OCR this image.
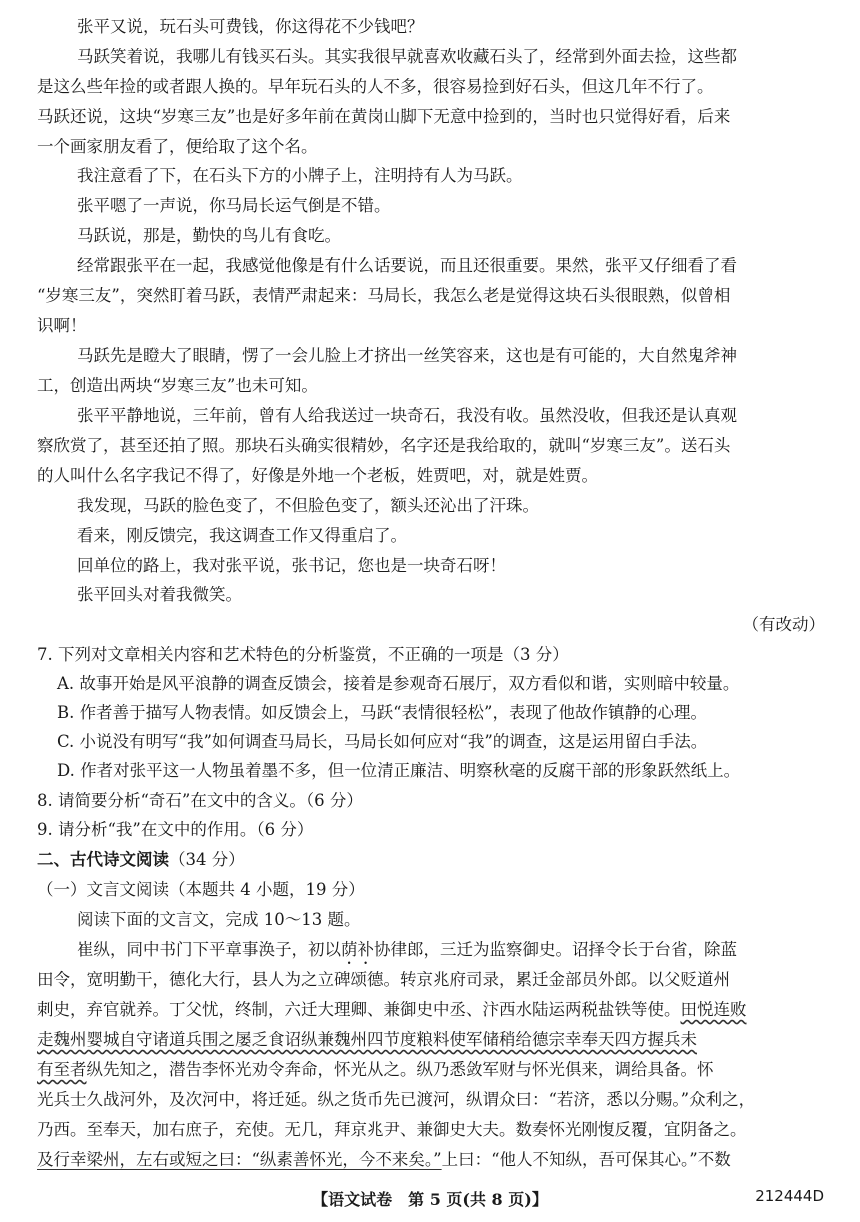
张平又说，玩石头可费钱，你这得花不少钱吧？
马跃笑着说，我哪儿有钱买石头。其实我很早就喜欢收藏石头了，经常到外面去捡，这些都
是这么些年捡的或者跟人换的。早年玩石头的人不多，很容易捡到好石头，但这几年不行了。
马跃还说，这块“岁寒三友”也是好多年前在黄岗山脚下无意中捡到的，当时也只觉得好看，后来
一个画家朋友看了，便给取了这个名。
我注意看了下，在石头下方的小牌子上，注明持有人为马跃。
张平嗯了一声说，你马局长运气倒是不错。
马跃说，那是，勤快的鸟儿有食吃。
经常跟张平在一起，我感觉他像是有什么话要说，而且还很重要。果然，张平又仔细看了看
“岁寒三友”，突然盯着马跃，表情严肃起来：马局长，我怎么老是觉得这块石头很眼熟，似曾相
识啊！
马跃先是瞪大了眼睛，愣了一会儿脸上才挤出一丝笑容来，这也是有可能的，大自然鬼斧神
工，创造出两块“岁寒三友”也未可知。
张平平静地说，三年前，曾有人给我送过一块奇石，我没有收。虽然没收，但我还是认真观
察欣赏了，甚至还拍了照。那块石头确实很精妙，名字还是我给取的，就叫“岁寒三友”。送石头
的人叫什么名字我记不得了，好像是外地一个老板，姓贾吧，对，就是姓贾。
我发现，马跃的脸色变了，不但脸色变了，额头还沁出了汗珠。
看来，刚反馈完，我这调查工作又得重启了。
回单位的路上，我对张平说，张书记，您也是一块奇石呀！
张平回头对着我微笑。
（有改动）
7. 下列对文章相关内容和艺术特色的分析鉴赏，不正确的一项是（3 分）
A. 故事开始是风平浪静的调查反馈会，接着是参观奇石展厅，双方看似和谐，实则暗中较量。
B. 作者善于描写人物表情。如反馈会上，马跃“表情很轻松”，表现了他故作镇静的心理。
C. 小说没有明写“我”如何调查马局长，马局长如何应对“我”的调查，这是运用留白手法。
D. 作者对张平这一人物虽着墨不多，但一位清正廉洁、明察秋毫的反腐干部的形象跃然纸上。
8. 请简要分析“奇石”在文中的含义。（6 分）
9. 请分析“我”在文中的作用。（6 分）
二、古代诗文阅读（34 分）
（一）文言文阅读（本题共 4 小题，19 分）
阅读下面的文言文，完成 10～13 题。
崔纵，同中书门下平章事涣子，初以荫补协律郎，三迁为监察御史。诏择令长于台省，除蓝
田令，宽明勤干，德化大行，县人为之立碑颂德。转京兆府司录，累迁金部员外郎。以父贬道州
刺史，弃官就养。丁父忧，终制，六迁大理卿、兼御史中丞、汴西水陆运两税盐铁等使。田悦连败
走魏州婴城自守诸道兵围之屡乏食诏纵兼魏州四节度粮料使军储稍给德宗幸奉天四方握兵未
有至者纵先知之，潜告李怀光劝令奔命，怀光从之。纵乃悉敛军财与怀光俱来，调给具备。怀
光兵士久战河外，及次河中，将迁延。纵之货币先已渡河，纵谓众曰：“若济，悉以分赐。”众利之，
乃西。至奉天，加右庶子，充使。无几，拜京兆尹、兼御史大夫。数奏怀光刚愎反覆，宜阴备之。
及行幸梁州，左右或短之曰：“纵素善怀光，今不来矣。”上曰：“他人不知纵，吾可保其心。”不数
【语文试卷　第 5 页(共 8 页)】	212444D
